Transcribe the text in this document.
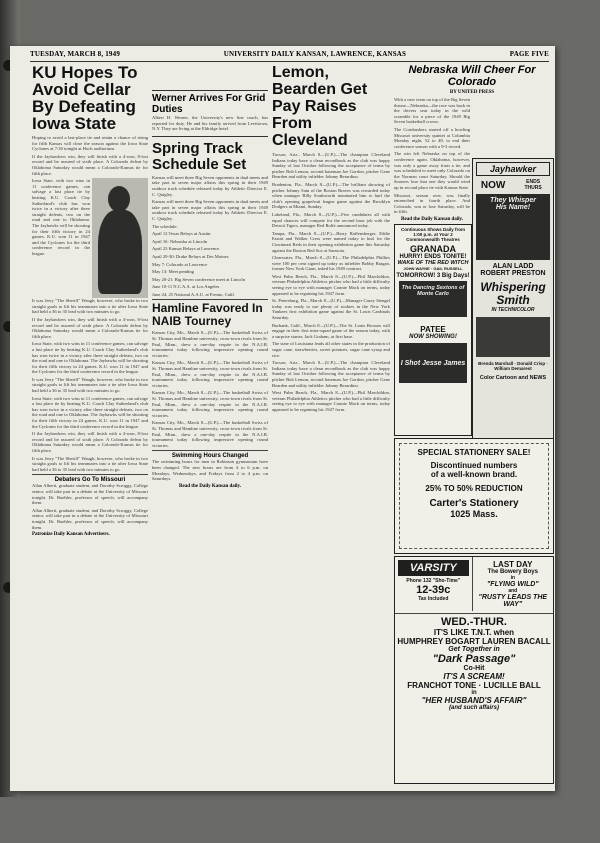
TUESDAY, MARCH 8, 1949	UNIVERSITY DAILY KANSAN, LAWRENCE, KANSAS	PAGE FIVE
KU Hopes To Avoid Cellar By Defeating Iowa State

Hoping to avoid a last-place tie and retain a chance of tieing for fifth Kansas will close the season against the Iowa State Cyclones at 7:30 tonight at Hoch auditorium.

If the Jayhawkers win, they will finish with a 4-won, 8-lost record and be assured of sixth place. A Colorado defeat by Oklahoma Saturday would mean a Colorado-Kansas tie for fifth place.

Iowa State, with two wins in 11 conference games, can salvage a last place tie by beating K.U. Coach Clay Sutherland's club has won twice in a victory after three straight defeats, two on the road and one to Oklahoma. The Jayhawks will be shooting for their fifth victory in 24 games. K.U. won 11 in 1947 and the Cyclones for the third conference record in the league.

It was Jerry "The Sheriff" Waugh, however, who broke in two straight goals to lift his teammates into a tie after Iowa State had held a 36 to 35 lead with two minutes to go.

If the Jayhawkers win, they will finish with a 4-won, 8-lost record and be assured of sixth place. A Colorado defeat by Oklahoma Saturday would mean a Colorado-Kansas tie for fifth place.

Iowa State, with two wins in 11 conference games, can salvage a last place tie by beating K.U. Coach Clay Sutherland's club has won twice in a victory after three straight defeats, two on the road and one to Oklahoma. The Jayhawks will be shooting for their fifth victory in 24 games. K.U. won 11 in 1947 and the Cyclones for the third conference record in the league.

It was Jerry "The Sheriff" Waugh, however, who broke in two straight goals to lift his teammates into a tie after Iowa State had held a 36 to 35 lead with two minutes to go.

Iowa State, with two wins in 11 conference games, can salvage a last place tie by beating K.U. Coach Clay Sutherland's club has won twice in a victory after three straight defeats, two on the road and one to Oklahoma. The Jayhawks will be shooting for their fifth victory in 24 games. K.U. won 11 in 1947 and the Cyclones for the third conference record in the league.

If the Jayhawkers win, they will finish with a 4-won, 8-lost record and be assured of sixth place. A Colorado defeat by Oklahoma Saturday would mean a Colorado-Kansas tie for fifth place.

It was Jerry "The Sheriff" Waugh, however, who broke in two straight goals to lift his teammates into a tie after Iowa State had held a 36 to 35 lead with two minutes to go.

Debaters Go To Missouri

Allan Alberti, graduate student, and Dorothy Scroggy, College senior, will take part in a debate at the University of Missouri tonight. Dr. Buehler, professor of speech, will accompany them.

Allan Alberti, graduate student, and Dorothy Scroggy, College senior, will take part in a debate at the University of Missouri tonight. Dr. Buehler, professor of speech, will accompany them.

Patronize Daily Kansan Advertisers.
Werner Arrives For Grid Duties

Albert H. Werner, the University's new line coach, has reported for duty. He and his family arrived from Levittown, N.Y. They are living at the Eldridge hotel.

Spring Track Schedule Set

Kansas will meet three Big Seven opponents in dual meets and take part in seven major affairs this spring in their 1949 outdoor track schedule released today by Athletic Director E. C. Quigley.

Kansas will meet three Big Seven opponents in dual meets and take part in seven major affairs this spring in their 1949 outdoor track schedule released today by Athletic Director E. C. Quigley.

The schedule:
April 12 Texas Relays at Austin
April 16: Nebraska at Lincoln
April 23 Kansas Relays at Lawrence
April 29-30: Drake Relays at Des Moines
May 7: Colorado at Lawrence
May 13: Meet pending
May 20-21: Big Seven conference meet at Lincoln
June 10-11 N.C.A.A. at Los Angeles
June 24, 25 National A.A.U. at Fresno, Calif.
Hamline Favored In NAIB Tourney

Kansas City, Mo., March 8—(U.P.)—The basketball Swiss of St. Thomas and Hamline university, cross-town rivals from St. Paul, Minn., drew a one-day respite in the N.A.I.B. tournament today following impressive opening round victories.

Kansas City, Mo., March 8—(U.P.)—The basketball Swiss of St. Thomas and Hamline university, cross-town rivals from St. Paul, Minn., drew a one-day respite in the N.A.I.B. tournament today following impressive opening round victories.

Kansas City, Mo., March 8—(U.P.)—The basketball Swiss of St. Thomas and Hamline university, cross-town rivals from St. Paul, Minn., drew a one-day respite in the N.A.I.B. tournament today following impressive opening round victories.

Kansas City, Mo., March 8—(U.P.)—The basketball Swiss of St. Thomas and Hamline university, cross-town rivals from St. Paul, Minn., drew a one-day respite in the N.A.I.B. tournament today following impressive opening round victories.

Swimming Hours Changed

The swimming hours for men in Robinson gymnasium have been changed. The new hours are from 4 to 6 p.m. on Mondays, Wednesdays, and Fridays from 2 to 4 p.m. on Saturdays.

Read the Daily Kansan daily.
Lemon, Bearden Get Pay Raises From Cleveland

Tucson, Ariz., March 8—(U.P.)—The champion Cleveland Indians today have a clean recordbook as the club was happy Sunday of last October following the acceptance of terms by pitcher Bob Lemon, second baseman Joe Gordon, pitcher Gene Bearden and utility infielder Johnny Berardino.

Bradenton, Fla., March 8—(U.P.)—The brilliant showing of pitcher Johnny Sain of the Boston Braves was rewarded today when manager Billy Southworth nominated him to hurl the club's opening grapefruit league game against the Brooklyn Dodgers at Miami, Sunday.

Lakeland, Fla., March 8—(U.P.)—Five candidates all with equal chances will compete for the second base job with the Detroit Tigers, manager Red Rolfe announced today.

Tampa, Fla., March 8—(U.P.)—Harry Raffensberger, Eddie Erautt and Walker Cress were named today to hurl for the Cincinnati Reds in their opening exhibition game this Saturday against the Boston Red Sox at Sarasota.

Clearwater, Fla., March 8—(U.P.)—The Philadelphia Phillies were 100 per cent signed up today as infielder Bobby Bragan, former New York Giant, inked his 1949 contract.

West Palm Beach, Fla., March 8—(U.P.)—Phil Marchildon, veteran Philadelphia Athletics pitcher who had a little difficulty seeing eye to eye with manager Connie Mack on terms, today appeared to be regaining his 1947 form.

St. Petersburg, Fla., March 8—(U.P.)—Manager Casey Stengel today was ready to use plenty of rookies in the New York Yankees first exhibition game against the St. Louis Cardinals Saturday.

Burbank, Calif., March 8—(U.P.)—The St. Louis Browns will engage in their first intra-squad game of the season today, with a surprise starter, Jack Graham, at first base.

The state of Louisiana leads all other states in the production of sugar cane, strawberries, sweet potatoes, sugar cane syrup and rice.

Tucson, Ariz., March 8—(U.P.)—The champion Cleveland Indians today have a clean recordbook as the club was happy Sunday of last October following the acceptance of terms by pitcher Bob Lemon, second baseman Joe Gordon, pitcher Gene Bearden and utility infielder Johnny Berardino.

West Palm Beach, Fla., March 8—(U.P.)—Phil Marchildon, veteran Philadelphia Athletics pitcher who had a little difficulty seeing eye to eye with manager Connie Mack on terms, today appeared to be regaining his 1947 form.

Nebraska Will Cheer For Colorado
BY UNITED PRESS

With a new team on top of the Big Seven throne—Nebraska—the race was back in the drivers seat today in the wild scramble for a piece of the 1949 Big Seven basketball crown.

The Cornhuskers started off a howling Missouri university quintet at Columbia Monday night, 52 to 48, to end their conference season with a 9-3 record.

The win left Nebraska on top of the conference again. Oklahoma, however, was only a game away from a tie, and was scheduled to meet only Colorado on the Norman court Saturday. Should the Sooners lose that one they would wind up in second place tie with Kansas State.

Missouri, season over, was finally entrenched in fourth place. And Colorado, win or lose Saturday, will be in fifth.

Read the Daily Kansan daily.
Continuous Shows Daily from 1:00 p.m. at Your 2 Commonwealth Theatres
GRANADA
HURRY! ENDS TONITE!
WAKE OF THE RED WITCH
JOHN WAYNE · GAIL RUSSELL
TOMORROW! 3 Big Days!
The Dancing Sextons of Monte Carlo
PATEE
NOW SHOWING!
I Shot Jesse James
Jayhawker
NOW	ENDS THURS
They Whisper
His Name!
ALAN LADD
ROBERT PRESTON
Whispering Smith
IN TECHNICOLOR
Brenda Marshall · Donald Crisp · William Demarest
Color Cartoon and NEWS
SPECIAL STATIONERY SALE!
Discontinued numbers
of a well-known brand.
25% TO 50% REDUCTION
Carter's Stationery
1025 Mass.
VARSITY
Phone 132 "Sho-Time"
12-39c
Tax Included
LAST DAY
The Bowery Boys
in
"FLYING WILD"
and
"RUSTY LEADS THE WAY"
WED.-THUR.
IT'S LIKE T.N.T. when
HUMPHREY BOGART LAUREN BACALL
Get Together in
"Dark Passage"
Co-Hit
IT'S A SCREAM!
FRANCHOT TONE · LUCILLE BALL
in
"HER HUSBAND'S AFFAIR"
(and such affairs)
